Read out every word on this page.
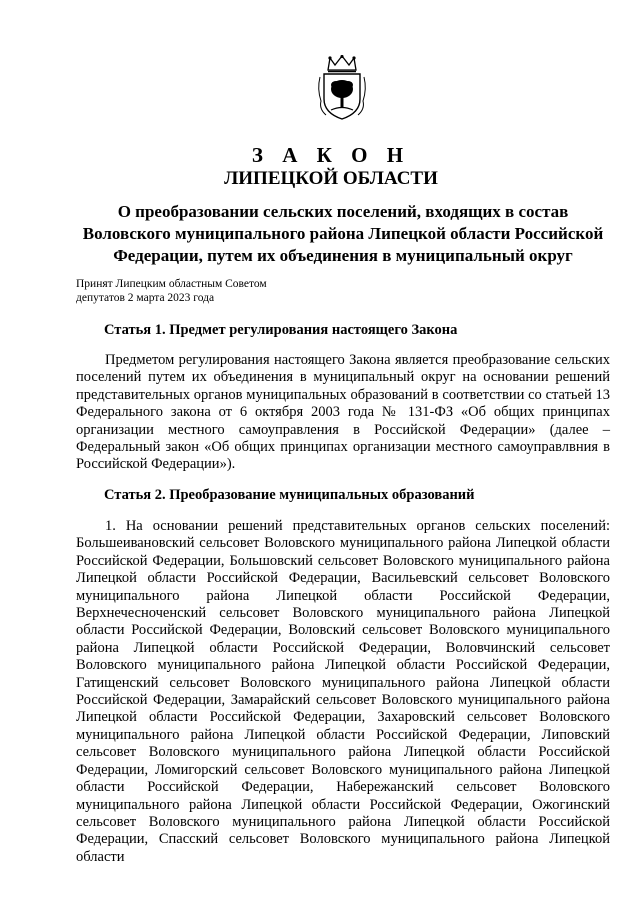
З А К О Н
ЛИПЕЦКОЙ ОБЛАСТИ
О преобразовании сельских поселений, входящих в состав Воловского муниципального района Липецкой области Российской Федерации, путем их объединения в муниципальный округ
Принят Липецким областным Советом
депутатов 2 марта 2023 года
Статья 1. Предмет регулирования настоящего Закона
Предметом регулирования настоящего Закона является преобразование сельских поселений путем их объединения в муниципальный округ на основании решений представительных органов муниципальных образований в соответствии со статьей 13 Федерального закона от 6 октября 2003 года № 131-ФЗ «Об общих принципах организации местного самоуправления в Российской Федерации» (далее – Федеральный закон «Об общих принципах организации местного самоуправлвния в Российской Федерации»).
Статья 2. Преобразование муниципальных образований
1. На основании решений представительных органов сельских поселений: Большеивановский сельсовет Воловского муниципального района Липецкой области Российской Федерации, Большовский сельсовет Воловского муниципального района Липецкой области Российской Федерации, Васильевский сельсовет Воловского муниципального района Липецкой области Российской Федерации, Верхнечесноченский сельсовет Воловского муниципального района Липецкой области Российской Федерации, Воловский сельсовет Воловского муниципального района Липецкой области Российской Федерации, Воловчинский сельсовет Воловского муниципального района Липецкой области Российской Федерации, Гатищенский сельсовет Воловского муниципального района Липецкой области Российской Федерации, Замарайский сельсовет Воловского муниципального района Липецкой области Российской Федерации, Захаровский сельсовет Воловского муниципального района Липецкой области Российской Федерации, Липовский сельсовет Воловского муниципального района Липецкой области Российской Федерации, Ломигорский сельсовет Воловского муниципального района Липецкой области Российской Федерации, Набережанский сельсовет Воловского муниципального района Липецкой области Российской Федерации, Ожогинский сельсовет Воловского муниципального района Липецкой области Российской Федерации, Спасский сельсовет Воловского муниципального района Липецкой области
